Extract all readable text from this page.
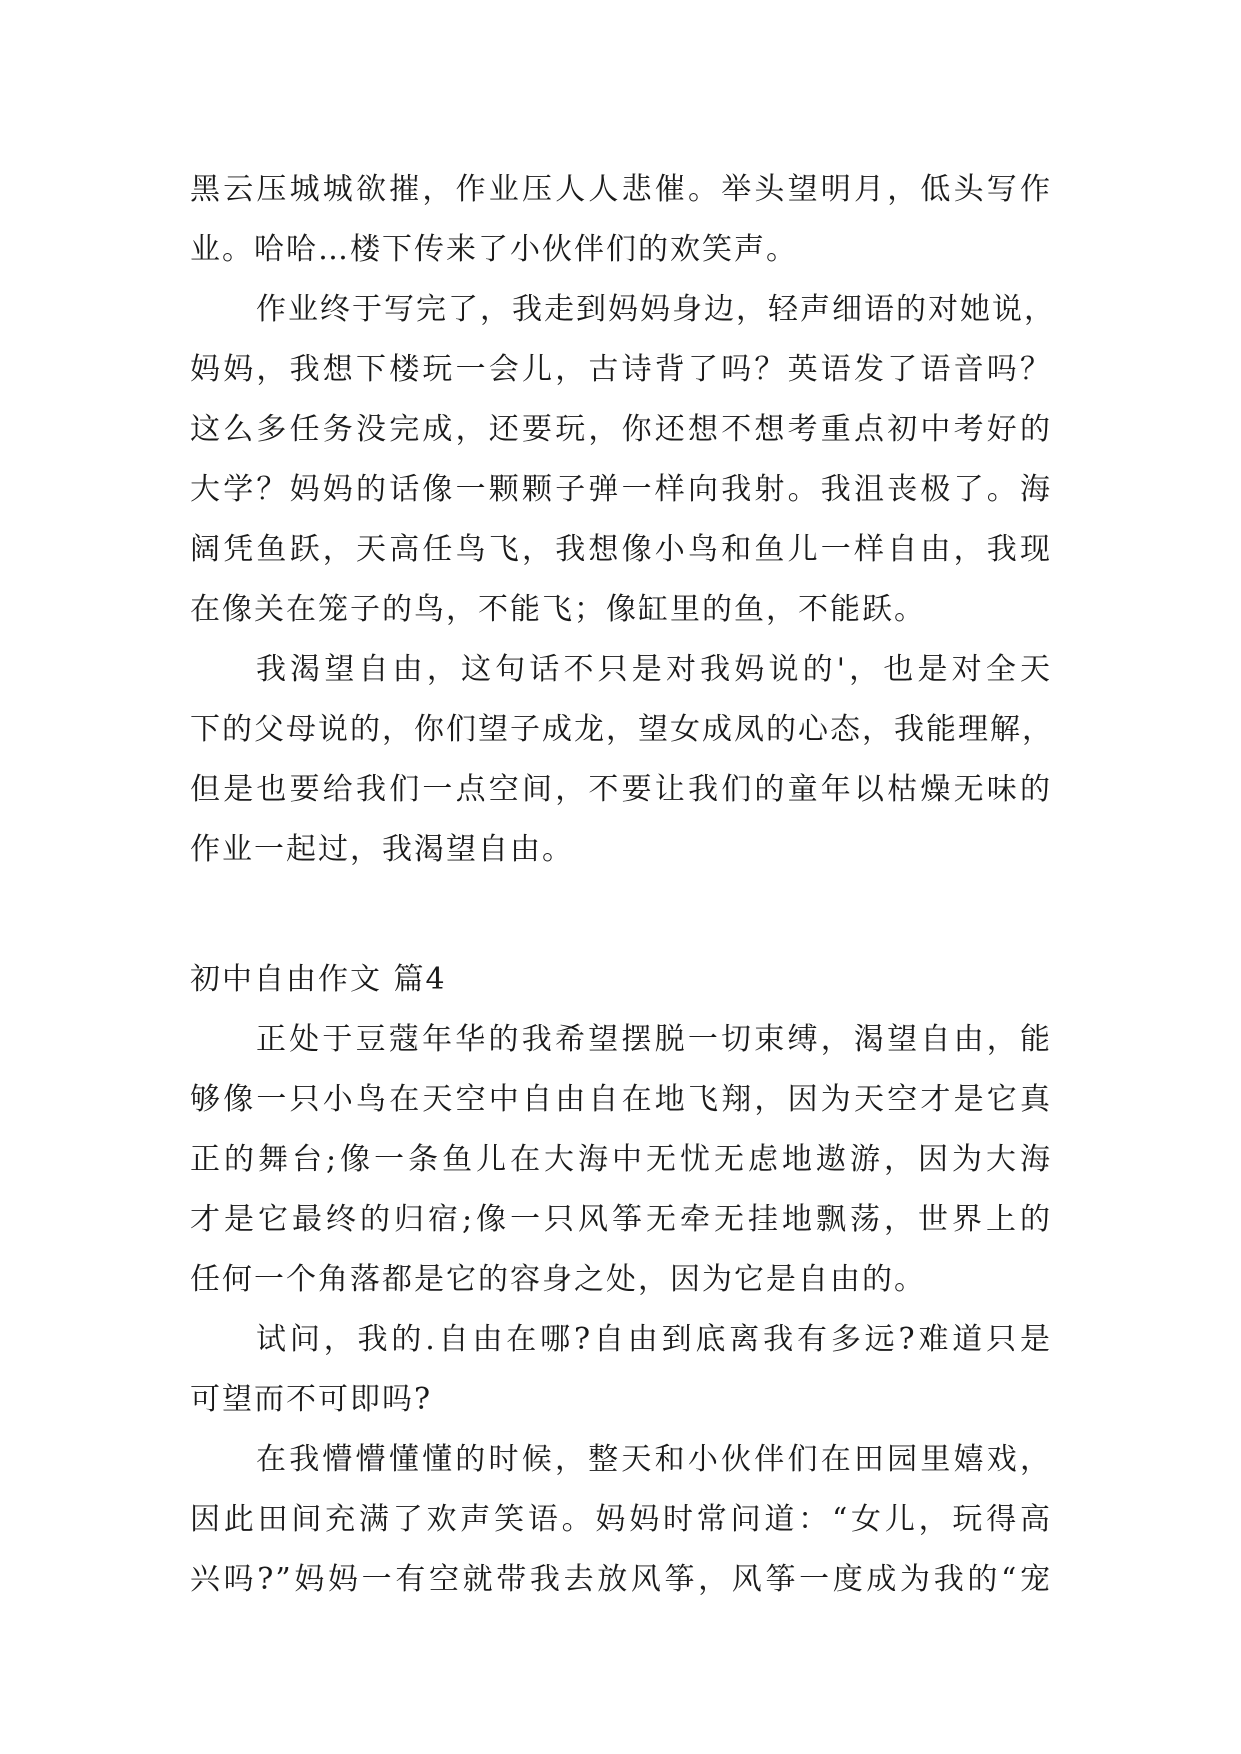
黑云压城城欲摧，作业压人人悲催。举头望明月，低头写作
业。哈哈…楼下传来了小伙伴们的欢笑声。
作业终于写完了，我走到妈妈身边，轻声细语的对她说，
妈妈，我想下楼玩一会儿，古诗背了吗？英语发了语音吗？
这么多任务没完成，还要玩，你还想不想考重点初中考好的
大学？妈妈的话像一颗颗子弹一样向我射。我沮丧极了。海
阔凭鱼跃，天高任鸟飞，我想像小鸟和鱼儿一样自由，我现
在像关在笼子的鸟，不能飞；像缸里的鱼，不能跃。
我渴望自由，这句话不只是对我妈说的'，也是对全天
下的父母说的，你们望子成龙，望女成凤的心态，我能理解，
但是也要给我们一点空间，不要让我们的童年以枯燥无味的
作业一起过，我渴望自由。
初中自由作文 篇4
正处于豆蔻年华的我希望摆脱一切束缚，渴望自由，能
够像一只小鸟在天空中自由自在地飞翔，因为天空才是它真
正的舞台;像一条鱼儿在大海中无忧无虑地遨游，因为大海
才是它最终的归宿;像一只风筝无牵无挂地飘荡，世界上的
任何一个角落都是它的容身之处，因为它是自由的。
试问，我的.自由在哪?自由到底离我有多远?难道只是
可望而不可即吗?
在我懵懵懂懂的时候，整天和小伙伴们在田园里嬉戏，
因此田间充满了欢声笑语。妈妈时常问道：“女儿，玩得高
兴吗?”妈妈一有空就带我去放风筝，风筝一度成为我的“宠
